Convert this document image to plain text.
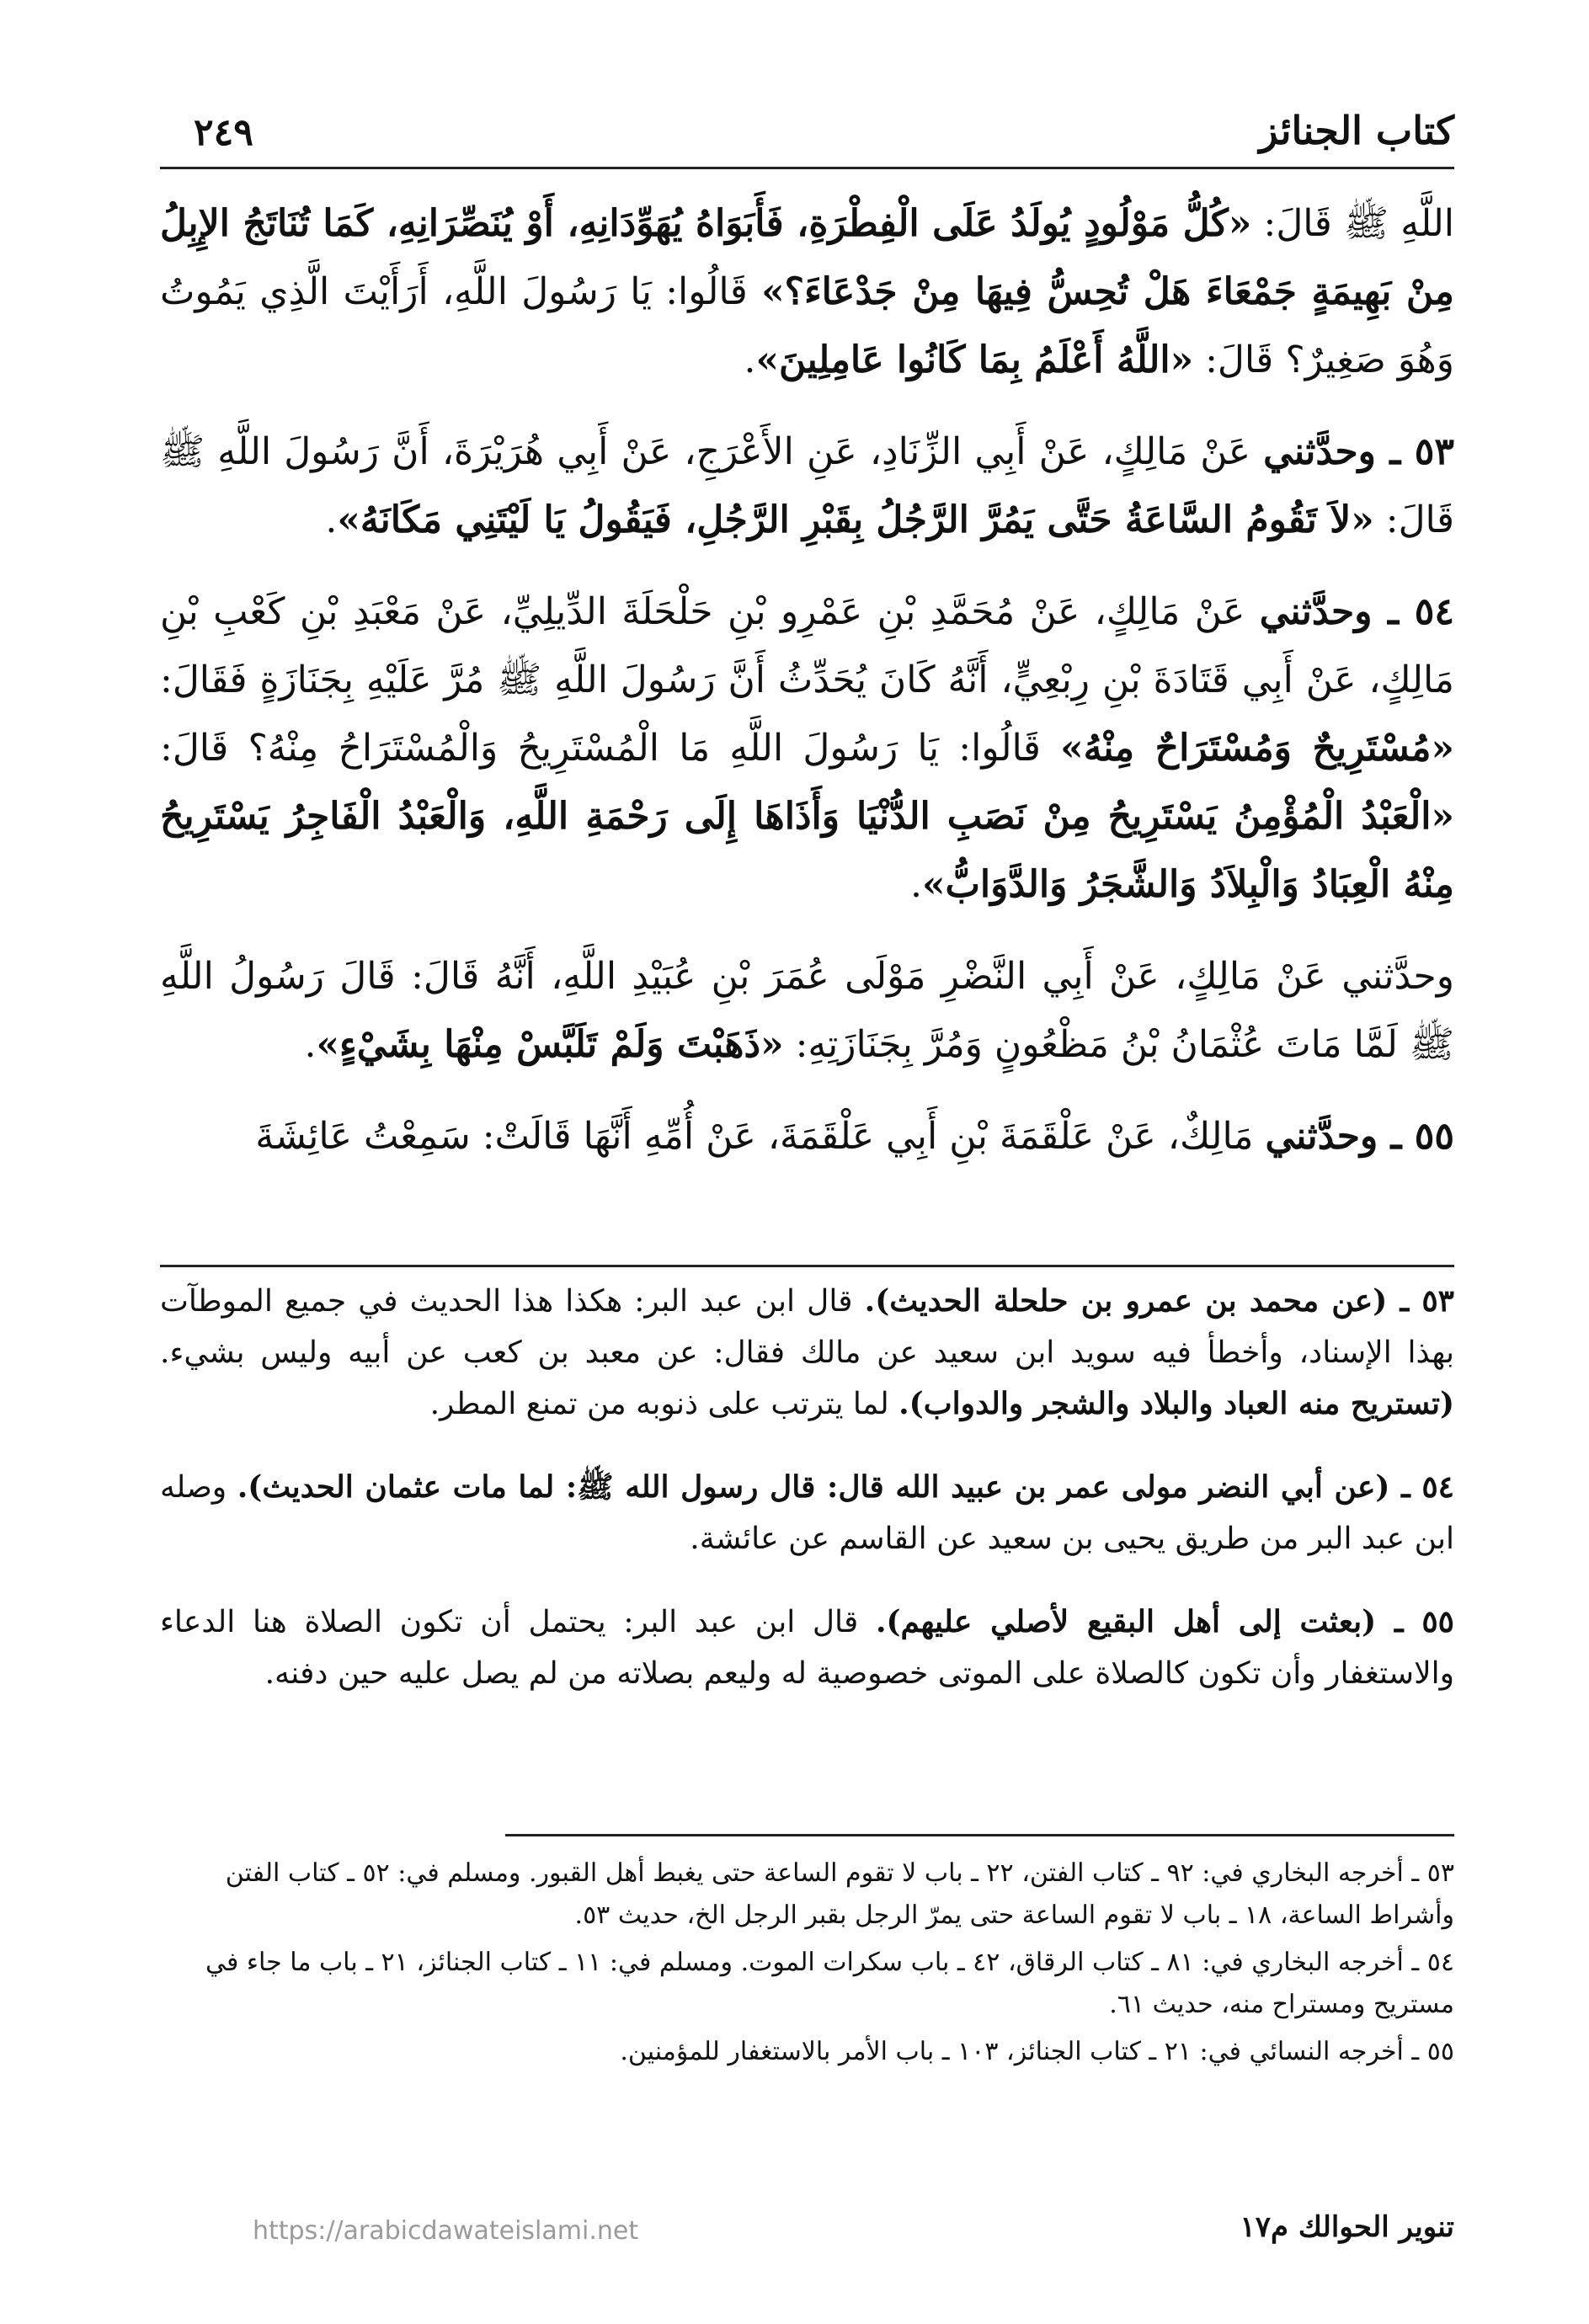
كتاب الجنائز
٢٤٩

اللَّهِ ﷺ قَالَ: «كُلُّ مَوْلُودٍ يُولَدُ عَلَى الْفِطْرَةِ، فَأَبَوَاهُ يُهَوِّدَانِهِ، أَوْ يُنَصِّرَانِهِ، كَمَا تُنَاتَجُ الإِبِلُ مِنْ بَهِيمَةٍ جَمْعَاءَ هَلْ تُحِسُّ فِيهَا مِنْ جَدْعَاءَ؟» قَالُوا: يَا رَسُولَ اللَّهِ، أَرَأَيْتَ الَّذِي يَمُوتُ وَهُوَ صَغِيرٌ؟ قَالَ: «اللَّهُ أَعْلَمُ بِمَا كَانُوا عَامِلِينَ».

٥٣ ـ وحدَّثني عَنْ مَالِكٍ، عَنْ أَبِي الزِّنَادِ، عَنِ الأَعْرَجِ، عَنْ أَبِي هُرَيْرَةَ، أَنَّ رَسُولَ اللَّهِ ﷺ قَالَ: «لاَ تَقُومُ السَّاعَةُ حَتَّى يَمُرَّ الرَّجُلُ بِقَبْرِ الرَّجُلِ، فَيَقُولُ يَا لَيْتَنِي مَكَانَهُ».

٥٤ ـ وحدَّثني عَنْ مَالِكٍ، عَنْ مُحَمَّدِ بْنِ عَمْرِو بْنِ حَلْحَلَةَ الدِّيلِيِّ، عَنْ مَعْبَدِ بْنِ كَعْبِ بْنِ مَالِكٍ، عَنْ أَبِي قَتَادَةَ بْنِ رِبْعِيٍّ، أَنَّهُ كَانَ يُحَدِّثُ أَنَّ رَسُولَ اللَّهِ ﷺ مُرَّ عَلَيْهِ بِجَنَازَةٍ فَقَالَ: «مُسْتَرِيحٌ وَمُسْتَرَاحٌ مِنْهُ» قَالُوا: يَا رَسُولَ اللَّهِ مَا الْمُسْتَرِيحُ وَالْمُسْتَرَاحُ مِنْهُ؟ قَالَ: «الْعَبْدُ الْمُؤْمِنُ يَسْتَرِيحُ مِنْ نَصَبِ الدُّنْيَا وَأَذَاهَا إِلَى رَحْمَةِ اللَّهِ، وَالْعَبْدُ الْفَاجِرُ يَسْتَرِيحُ مِنْهُ الْعِبَادُ وَالْبِلاَدُ وَالشَّجَرُ وَالدَّوَابُّ».

وحدَّثني عَنْ مَالِكٍ، عَنْ أَبِي النَّضْرِ مَوْلَى عُمَرَ بْنِ عُبَيْدِ اللَّهِ، أَنَّهُ قَالَ: قَالَ رَسُولُ اللَّهِ ﷺ لَمَّا مَاتَ عُثْمَانُ بْنُ مَظْعُونٍ وَمُرَّ بِجَنَازَتِهِ: «ذَهَبْتَ وَلَمْ تَلَبَّسْ مِنْهَا بِشَيْءٍ».

٥٥ ـ وحدَّثني مَالِكٌ، عَنْ عَلْقَمَةَ بْنِ أَبِي عَلْقَمَةَ، عَنْ أُمِّهِ أَنَّهَا قَالَتْ: سَمِعْتُ عَائِشَةَ

٥٣ ـ (عن محمد بن عمرو بن حلحلة الحديث). قال ابن عبد البر: هكذا هذا الحديث في جميع الموطآت بهذا الإسناد، وأخطأ فيه سويد ابن سعيد عن مالك فقال: عن معبد بن كعب عن أبيه وليس بشيء. (تستريح منه العباد والبلاد والشجر والدواب). لما يترتب على ذنوبه من تمنع المطر.

٥٤ ـ (عن أبي النضر مولى عمر بن عبيد الله قال: قال رسول الله ﷺ: لما مات عثمان الحديث). وصله ابن عبد البر من طريق يحيى بن سعيد عن القاسم عن عائشة.

٥٥ ـ (بعثت إلى أهل البقيع لأصلي عليهم). قال ابن عبد البر: يحتمل أن تكون الصلاة هنا الدعاء والاستغفار وأن تكون كالصلاة على الموتى خصوصية له وليعم بصلاته من لم يصل عليه حين دفنه.

٥٣ ـ أخرجه البخاري في: ٩٢ ـ كتاب الفتن، ٢٢ ـ باب لا تقوم الساعة حتى يغبط أهل القبور. ومسلم في: ٥٢ ـ كتاب الفتن وأشراط الساعة، ١٨ ـ باب لا تقوم الساعة حتى يمرّ الرجل بقبر الرجل الخ، حديث ٥٣.

٥٤ ـ أخرجه البخاري في: ٨١ ـ كتاب الرقاق، ٤٢ ـ باب سكرات الموت. ومسلم في: ١١ ـ كتاب الجنائز، ٢١ ـ باب ما جاء في مستريح ومستراح منه، حديث ٦١.

٥٥ ـ أخرجه النسائي في: ٢١ ـ كتاب الجنائز، ١٠٣ ـ باب الأمر بالاستغفار للمؤمنين.

تنوير الحوالك م١٧
https://arabicdawateislami.net
